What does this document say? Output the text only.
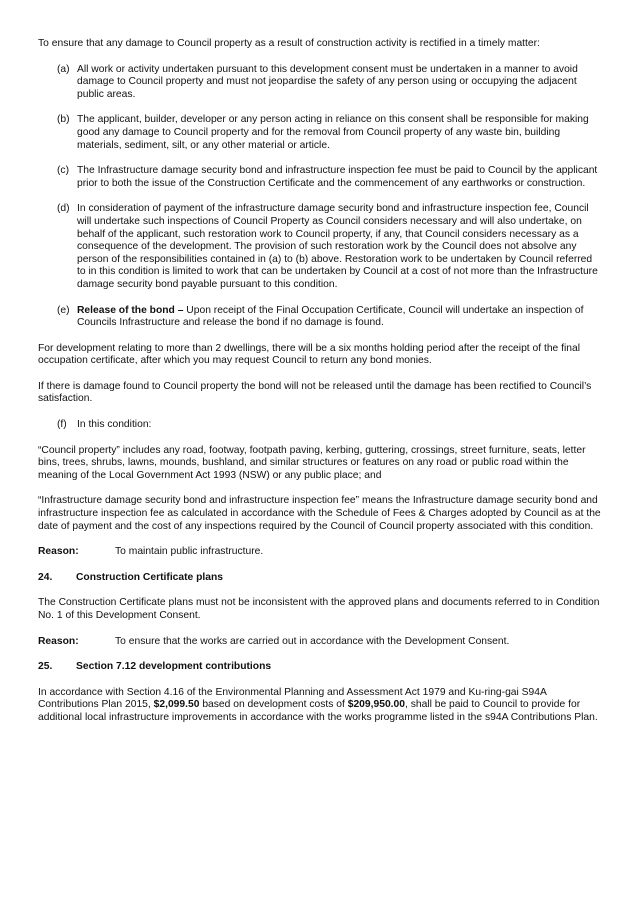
To ensure that any damage to Council property as a result of construction activity is rectified in a timely matter:

(a) All work or activity undertaken pursuant to this development consent must be undertaken in a manner to avoid damage to Council property and must not jeopardise the safety of any person using or occupying the adjacent public areas.
(b) The applicant, builder, developer or any person acting in reliance on this consent shall be responsible for making good any damage to Council property and for the removal from Council property of any waste bin, building materials, sediment, silt, or any other material or article.
(c) The Infrastructure damage security bond and infrastructure inspection fee must be paid to Council by the applicant prior to both the issue of the Construction Certificate and the commencement of any earthworks or construction.
(d) In consideration of payment of the infrastructure damage security bond and infrastructure inspection fee, Council will undertake such inspections of Council Property as Council considers necessary and will also undertake, on behalf of the applicant, such restoration work to Council property, if any, that Council considers necessary as a consequence of the development. The provision of such restoration work by the Council does not absolve any person of the responsibilities contained in (a) to (b) above. Restoration work to be undertaken by Council referred to in this condition is limited to work that can be undertaken by Council at a cost of not more than the Infrastructure damage security bond payable pursuant to this condition.
(e) Release of the bond – Upon receipt of the Final Occupation Certificate, Council will undertake an inspection of Councils Infrastructure and release the bond if no damage is found.

For development relating to more than 2 dwellings, there will be a six months holding period after the receipt of the final occupation certificate, after which you may request Council to return any bond monies.

If there is damage found to Council property the bond will not be released until the damage has been rectified to Council’s satisfaction.

(f) In this condition:

“Council property” includes any road, footway, footpath paving, kerbing, guttering, crossings, street furniture, seats, letter bins, trees, shrubs, lawns, mounds, bushland, and similar structures or features on any road or public road within the meaning of the Local Government Act 1993 (NSW) or any public place; and

“Infrastructure damage security bond and infrastructure inspection fee” means the Infrastructure damage security bond and infrastructure inspection fee as calculated in accordance with the Schedule of Fees & Charges adopted by Council as at the date of payment and the cost of any inspections required by the Council of Council property associated with this condition.

Reason:	To maintain public infrastructure.
24.	Construction Certificate plans

The Construction Certificate plans must not be inconsistent with the approved plans and documents referred to in Condition No. 1 of this Development Consent.

Reason:	To ensure that the works are carried out in accordance with the Development Consent.
25.	Section 7.12 development contributions

In accordance with Section 4.16 of the Environmental Planning and Assessment Act 1979 and Ku-ring-gai S94A Contributions Plan 2015, $2,099.50 based on development costs of $209,950.00, shall be paid to Council to provide for additional local infrastructure improvements in accordance with the works programme listed in the s94A Contributions Plan.
